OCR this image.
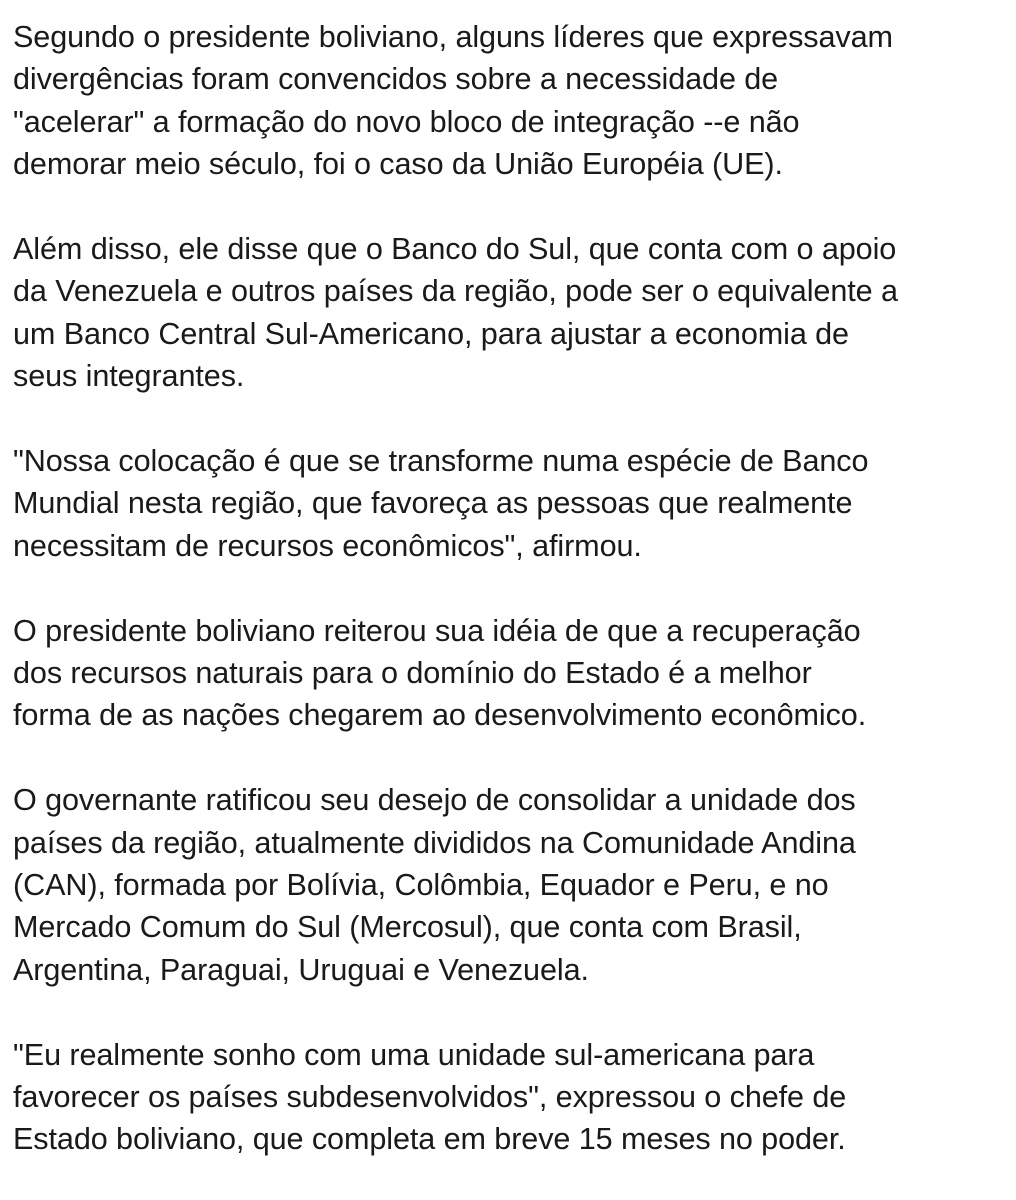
Segundo o presidente boliviano, alguns líderes que expressavam
divergências foram convencidos sobre a necessidade de
"acelerar" a formação do novo bloco de integração --e não
demorar meio século, foi o caso da União Européia (UE).

Além disso, ele disse que o Banco do Sul, que conta com o apoio
da Venezuela e outros países da região, pode ser o equivalente a
um Banco Central Sul-Americano, para ajustar a economia de
seus integrantes.

"Nossa colocação é que se transforme numa espécie de Banco
Mundial nesta região, que favoreça as pessoas que realmente
necessitam de recursos econômicos", afirmou.

O presidente boliviano reiterou sua idéia de que a recuperação
dos recursos naturais para o domínio do Estado é a melhor
forma de as nações chegarem ao desenvolvimento econômico.

O governante ratificou seu desejo de consolidar a unidade dos
países da região, atualmente divididos na Comunidade Andina
(CAN), formada por Bolívia, Colômbia, Equador e Peru, e no
Mercado Comum do Sul (Mercosul), que conta com Brasil,
Argentina, Paraguai, Uruguai e Venezuela.

"Eu realmente sonho com uma unidade sul-americana para
favorecer os países subdesenvolvidos", expressou o chefe de
Estado boliviano, que completa em breve 15 meses no poder.
